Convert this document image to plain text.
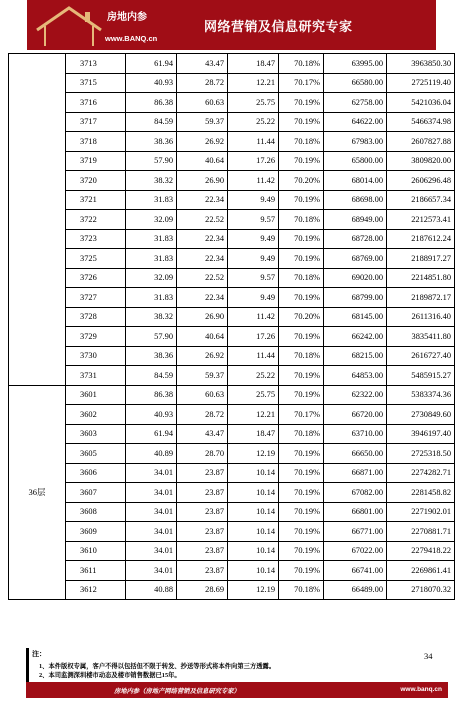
房地内参
www.BANQ.cn
网络营销及信息研究专家
	3713	61.94	43.47	18.47	70.18%	63995.00	3963850.30
	3715	40.93	28.72	12.21	70.17%	66580.00	2725119.40
	3716	86.38	60.63	25.75	70.19%	62758.00	5421036.04
	3717	84.59	59.37	25.22	70.19%	64622.00	5466374.98
	3718	38.36	26.92	11.44	70.18%	67983.00	2607827.88
	3719	57.90	40.64	17.26	70.19%	65800.00	3809820.00
	3720	38.32	26.90	11.42	70.20%	68014.00	2606296.48
	3721	31.83	22.34	9.49	70.19%	68698.00	2186657.34
	3722	32.09	22.52	9.57	70.18%	68949.00	2212573.41
	3723	31.83	22.34	9.49	70.19%	68728.00	2187612.24
	3725	31.83	22.34	9.49	70.19%	68769.00	2188917.27
	3726	32.09	22.52	9.57	70.18%	69020.00	2214851.80
	3727	31.83	22.34	9.49	70.19%	68799.00	2189872.17
	3728	38.32	26.90	11.42	70.20%	68145.00	2611316.40
	3729	57.90	40.64	17.26	70.19%	66242.00	3835411.80
	3730	38.36	26.92	11.44	70.18%	68215.00	2616727.40
	3731	84.59	59.37	25.22	70.19%	64853.00	5485915.27
36层	3601	86.38	60.63	25.75	70.19%	62322.00	5383374.36
	3602	40.93	28.72	12.21	70.17%	66720.00	2730849.60
	3603	61.94	43.47	18.47	70.18%	63710.00	3946197.40
	3605	40.89	28.70	12.19	70.19%	66650.00	2725318.50
	3606	34.01	23.87	10.14	70.19%	66871.00	2274282.71
	3607	34.01	23.87	10.14	70.19%	67082.00	2281458.82
	3608	34.01	23.87	10.14	70.19%	66801.00	2271902.01
	3609	34.01	23.87	10.14	70.19%	66771.00	2270881.71
	3610	34.01	23.87	10.14	70.19%	67022.00	2279418.22
	3611	34.01	23.87	10.14	70.19%	66741.00	2269861.41
	3612	40.88	28.69	12.19	70.18%	66489.00	2718070.32
注：
1、本件版权专属，客户不得以包括但不限于转发、抄送等形式将本件向第三方透露。
2、本司监测深圳楼市动态及楼市销售数据已15年。
34
房地内参（房地产网络营销及信息研究专家）	www.banq.cn
